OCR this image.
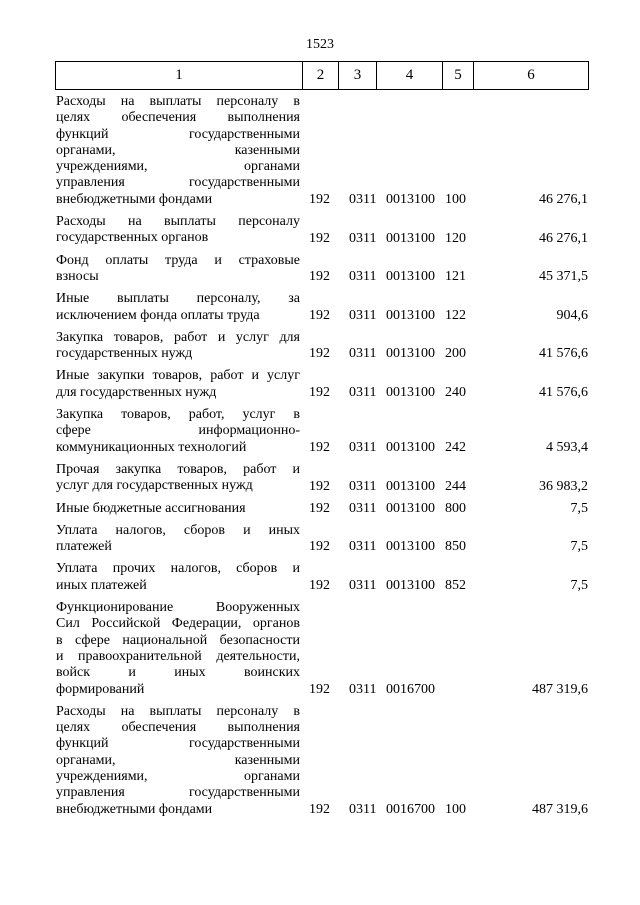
1523
1	2	3	4	5	6
Расходы на выплаты персоналу в
целях обеспечения выполнения
функций государственными
органами, казенными
учреждениями, органами
управления государственными
внебюджетными фондами	192 0311 0013100 100	46 276,1
Расходы на выплаты персоналу
государственных органов	192 0311 0013100 120	46 276,1
Фонд оплаты труда и страховые
взносы	192 0311 0013100 121	45 371,5
Иные выплаты персоналу, за
исключением фонда оплаты труда	192 0311 0013100 122	904,6
Закупка товаров, работ и услуг для
государственных нужд	192 0311 0013100 200	41 576,6
Иные закупки товаров, работ и услуг
для государственных нужд	192 0311 0013100 240	41 576,6
Закупка товаров, работ, услуг в
сфере информационно-
коммуникационных технологий	192 0311 0013100 242	4 593,4
Прочая закупка товаров, работ и
услуг для государственных нужд	192 0311 0013100 244	36 983,2
Иные бюджетные ассигнования	192 0311 0013100 800	7,5
Уплата налогов, сборов и иных
платежей	192 0311 0013100 850	7,5
Уплата прочих налогов, сборов и
иных платежей	192 0311 0013100 852	7,5
Функционирование Вооруженных
Сил Российской Федерации, органов
в сфере национальной безопасности
и правоохранительной деятельности,
войск и иных воинских
формирований	192 0311 0016700	487 319,6
Расходы на выплаты персоналу в
целях обеспечения выполнения
функций государственными
органами, казенными
учреждениями, органами
управления государственными
внебюджетными фондами	192 0311 0016700 100	487 319,6
